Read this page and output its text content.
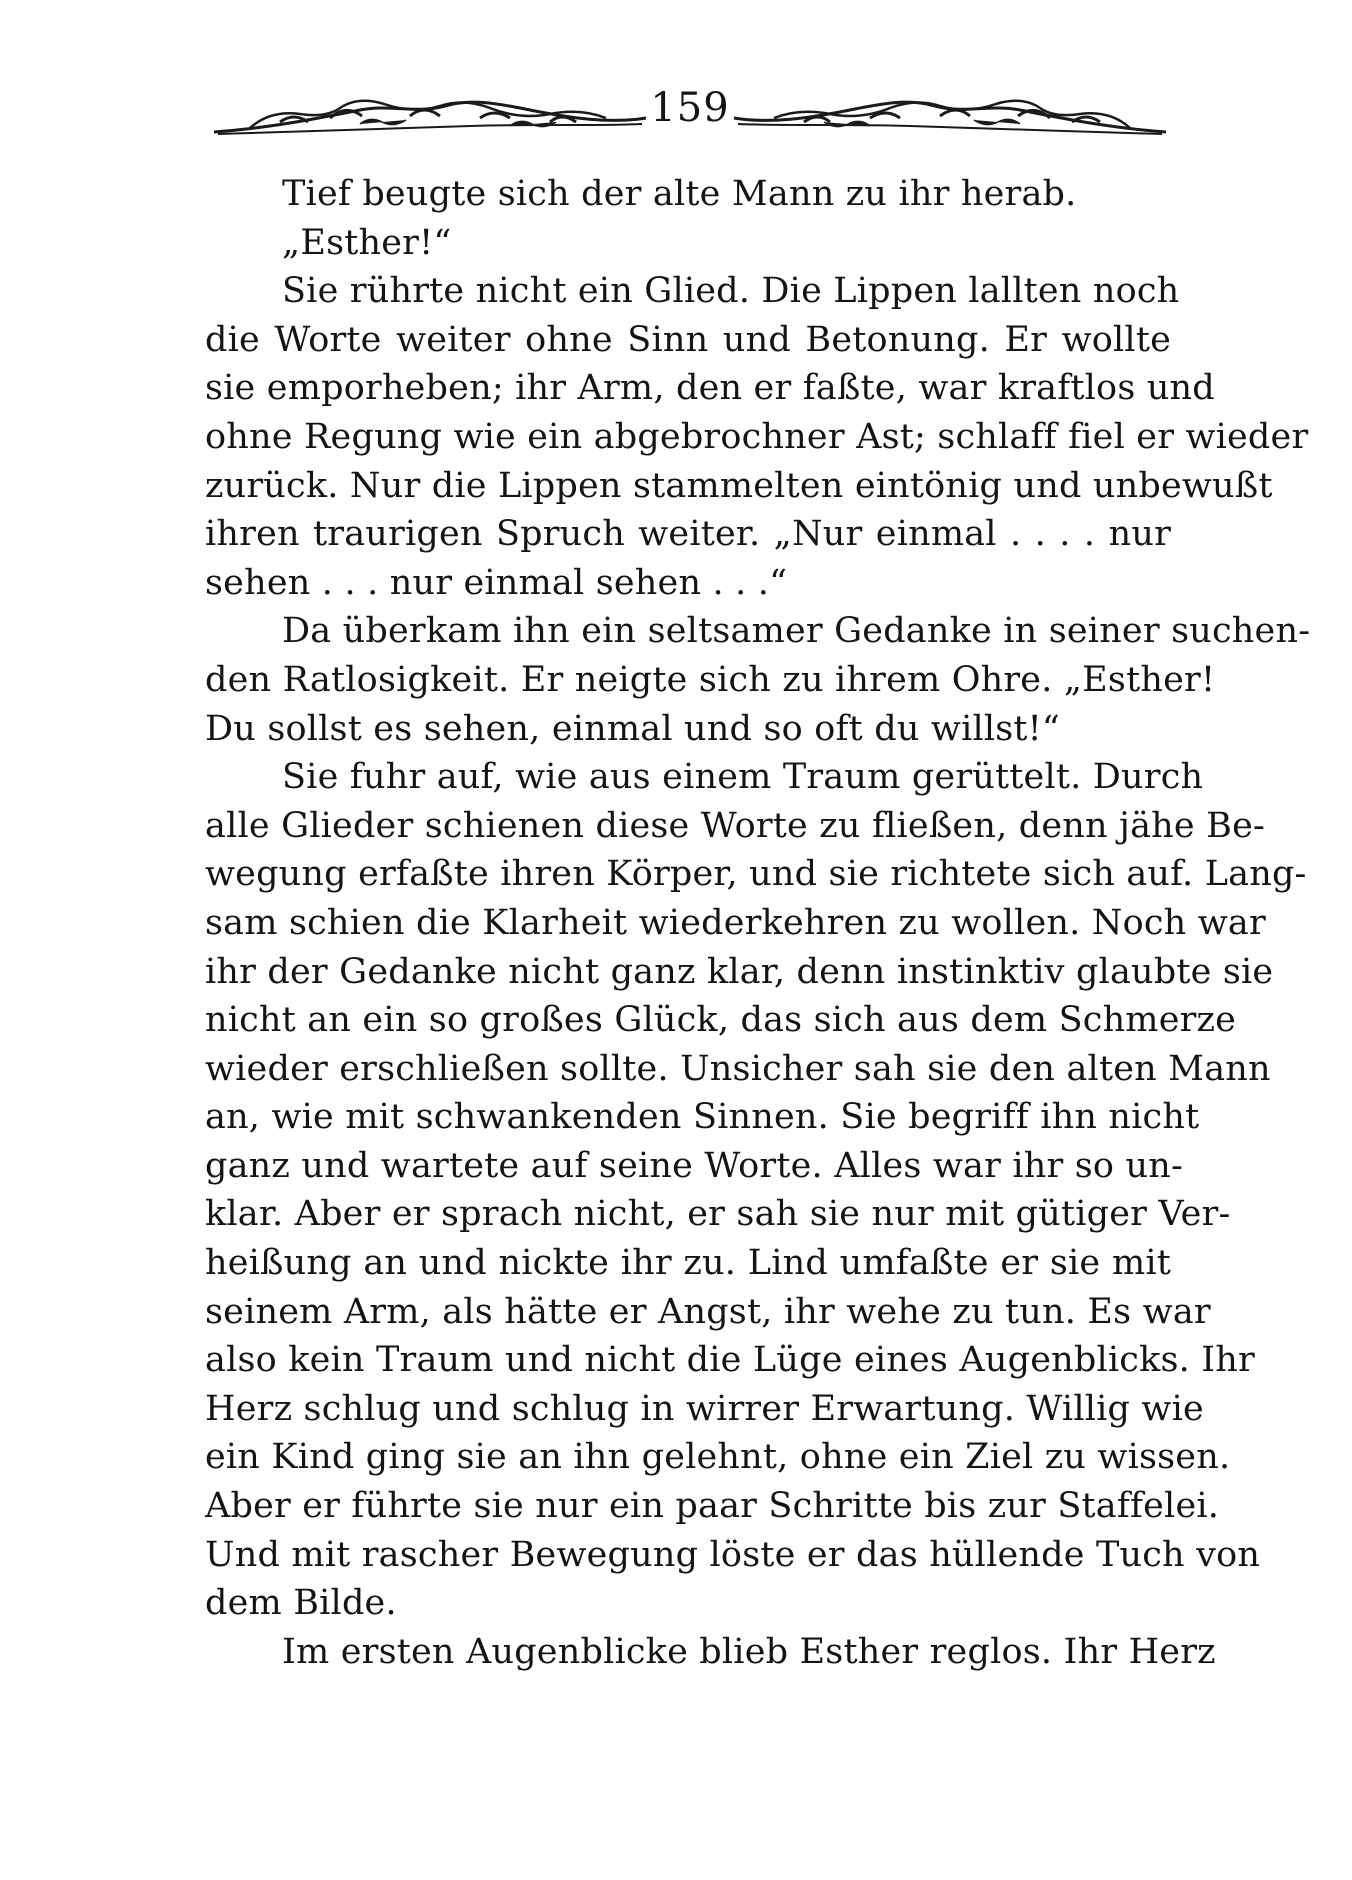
159
Tief beugte sich der alte Mann zu ihr herab.
„Esther!“
Sie rührte nicht ein Glied. Die Lippen lallten noch
die Worte weiter ohne Sinn und Betonung. Er wollte
sie emporheben; ihr Arm, den er faßte, war kraftlos und
ohne Regung wie ein abgebrochner Ast; schlaff fiel er wieder
zurück. Nur die Lippen stammelten eintönig und unbewußt
ihren traurigen Spruch weiter. „Nur einmal . . . . nur
sehen . . . nur einmal sehen . . .“
Da überkam ihn ein seltsamer Gedanke in seiner suchen-
den Ratlosigkeit. Er neigte sich zu ihrem Ohre. „Esther!
Du sollst es sehen, einmal und so oft du willst!“
Sie fuhr auf, wie aus einem Traum gerüttelt. Durch
alle Glieder schienen diese Worte zu fließen, denn jähe Be-
wegung erfaßte ihren Körper, und sie richtete sich auf. Lang-
sam schien die Klarheit wiederkehren zu wollen. Noch war
ihr der Gedanke nicht ganz klar, denn instinktiv glaubte sie
nicht an ein so großes Glück, das sich aus dem Schmerze
wieder erschließen sollte. Unsicher sah sie den alten Mann
an, wie mit schwankenden Sinnen. Sie begriff ihn nicht
ganz und wartete auf seine Worte. Alles war ihr so un-
klar. Aber er sprach nicht, er sah sie nur mit gütiger Ver-
heißung an und nickte ihr zu. Lind umfaßte er sie mit
seinem Arm, als hätte er Angst, ihr wehe zu tun. Es war
also kein Traum und nicht die Lüge eines Augenblicks. Ihr
Herz schlug und schlug in wirrer Erwartung. Willig wie
ein Kind ging sie an ihn gelehnt, ohne ein Ziel zu wissen.
Aber er führte sie nur ein paar Schritte bis zur Staffelei.
Und mit rascher Bewegung löste er das hüllende Tuch von
dem Bilde.
Im ersten Augenblicke blieb Esther reglos. Ihr Herz
